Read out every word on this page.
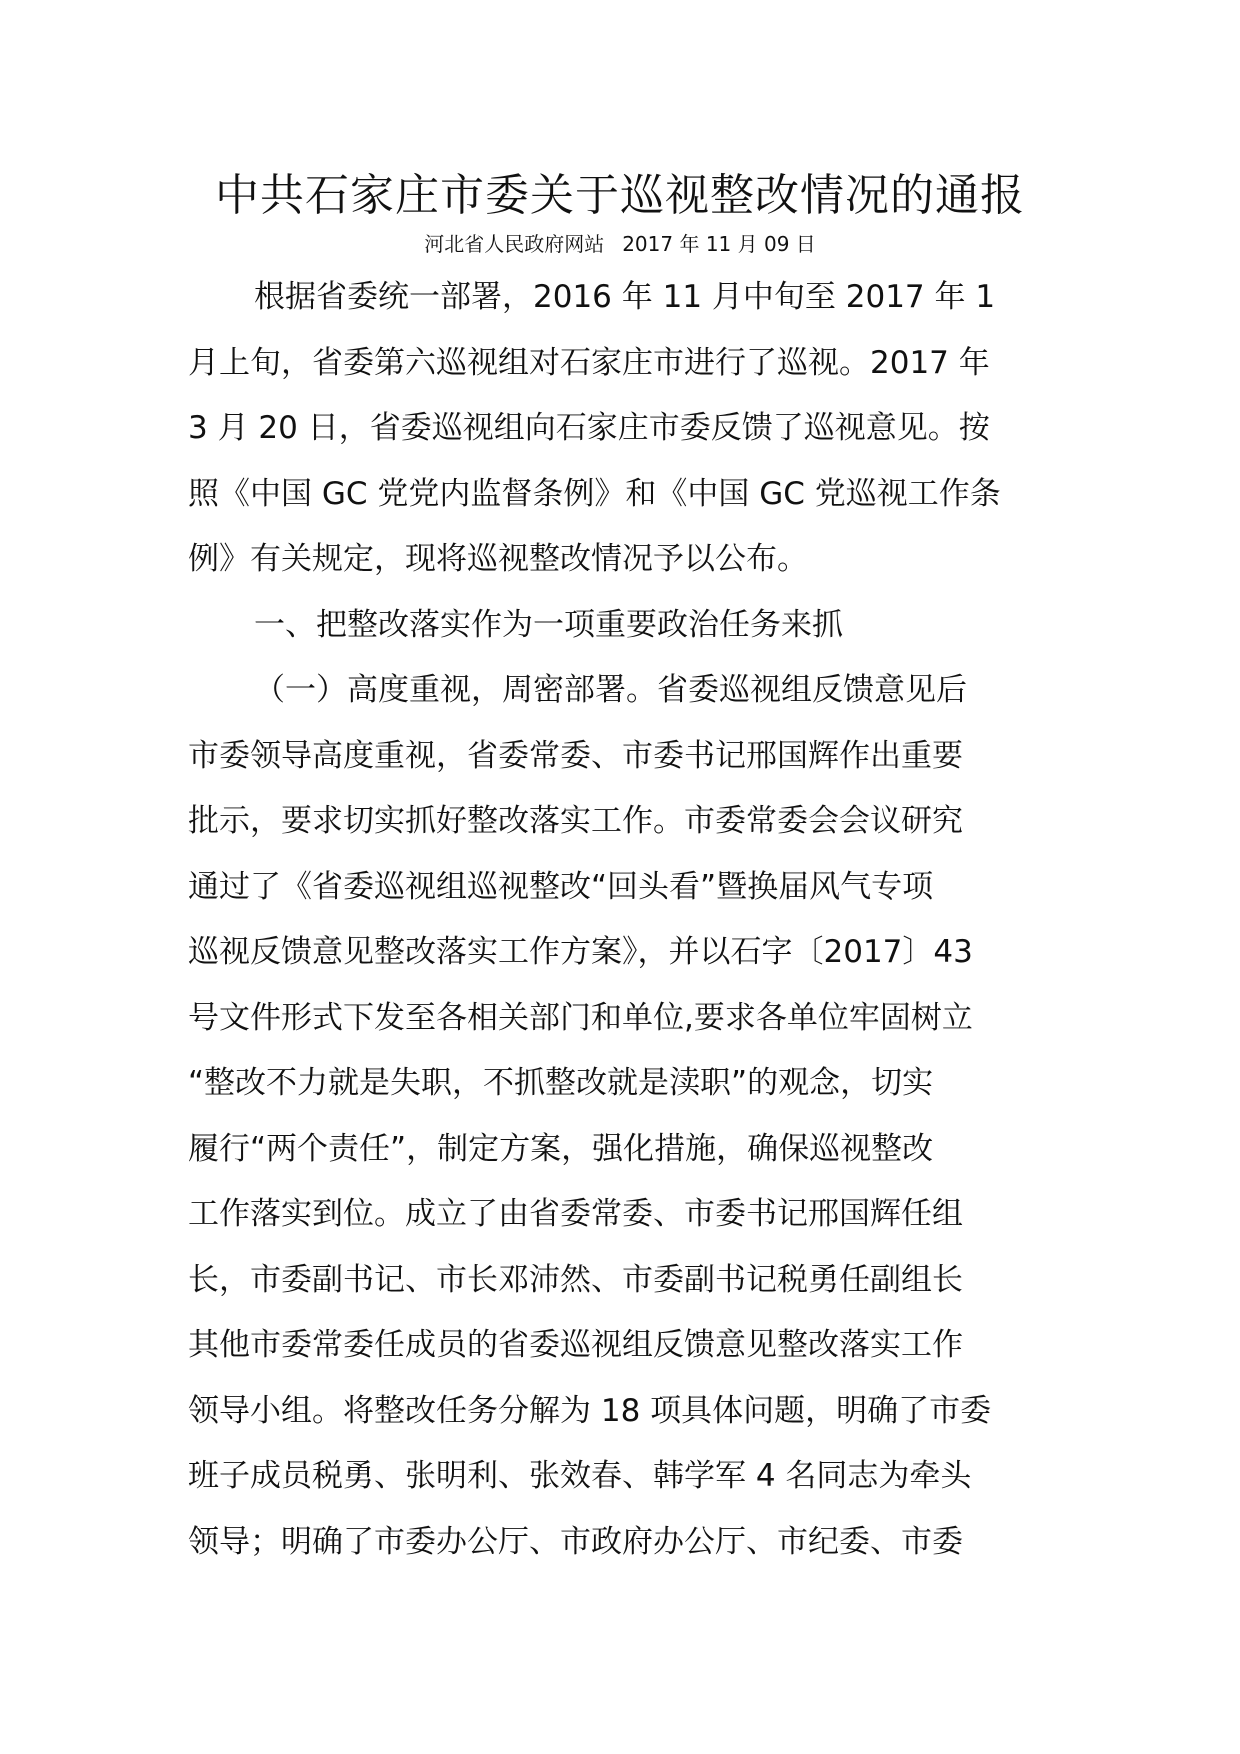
中共石家庄市委关于巡视整改情况的通报
河北省人民政府网站 2017 年 11 月 09 日
根据省委统一部署，2016 年 11 月中旬至 2017 年 1
月上旬，省委第六巡视组对石家庄市进行了巡视。2017 年
3 月 20 日，省委巡视组向石家庄市委反馈了巡视意见。按
照《中国 GC 党党内监督条例》和《中国 GC 党巡视工作条
例》有关规定，现将巡视整改情况予以公布。
一、把整改落实作为一项重要政治任务来抓
（一）高度重视，周密部署。省委巡视组反馈意见后
市委领导高度重视，省委常委、市委书记邢国辉作出重要
批示，要求切实抓好整改落实工作。市委常委会会议研究
通过了《省委巡视组巡视整改“回头看”暨换届风气专项
巡视反馈意见整改落实工作方案》，并以石字〔2017〕43
号文件形式下发至各相关部门和单位,要求各单位牢固树立
“整改不力就是失职，不抓整改就是渎职”的观念，切实
履行“两个责任”，制定方案，强化措施，确保巡视整改
工作落实到位。成立了由省委常委、市委书记邢国辉任组
长，市委副书记、市长邓沛然、市委副书记税勇任副组长
其他市委常委任成员的省委巡视组反馈意见整改落实工作
领导小组。将整改任务分解为 18 项具体问题，明确了市委
班子成员税勇、张明利、张效春、韩学军 4 名同志为牵头
领导；明确了市委办公厅、市政府办公厅、市纪委、市委
